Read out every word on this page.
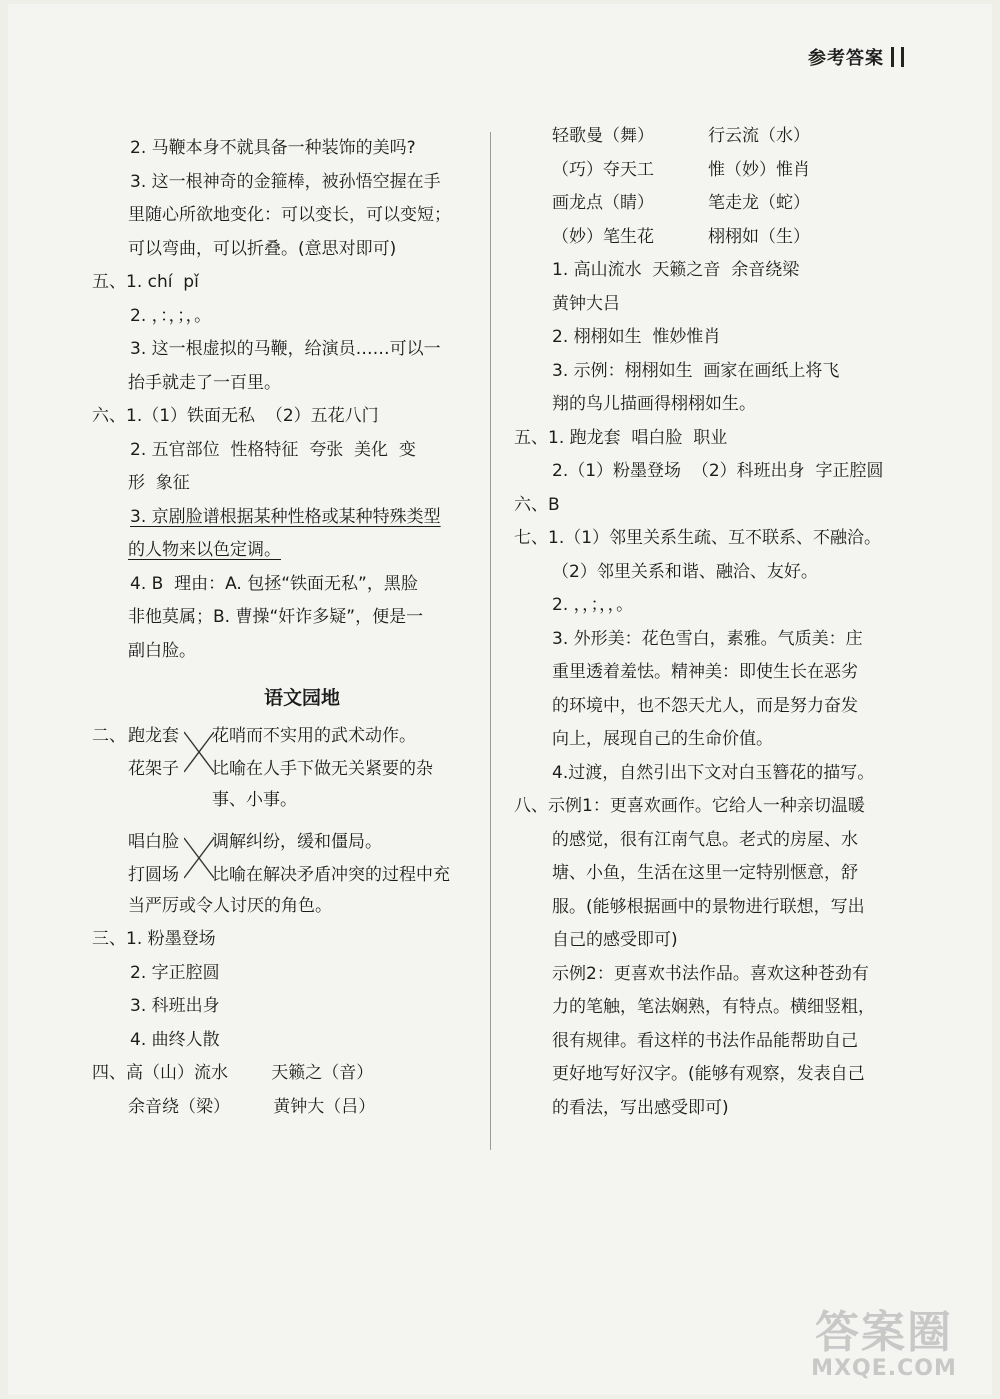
参考答案
2. 马鞭本身不就具备一种装饰的美吗?
3. 这一根神奇的金箍棒，被孙悟空握在手
里随心所欲地变化：可以变长，可以变短；
可以弯曲，可以折叠。(意思对即可)
五、1. chí  pǐ
2. ，：，；，。
3. 这一根虚拟的马鞭，给演员……可以一
抬手就走了一百里。
六、1.（1）铁面无私  （2）五花八门
2. 五官部位  性格特征  夸张  美化  变
形  象征
3. 京剧脸谱根据某种性格或某种特殊类型
的人物来以色定调。
4. B  理由：A. 包拯“铁面无私”，黑脸
非他莫属；B. 曹操“奸诈多疑”，便是一
副白脸。
语文园地
二、 跑龙套
花架子
花哨而不实用的武术动作。
比喻在人手下做无关紧要的杂
事、小事。
唱白脸
打圆场
调解纠纷，缓和僵局。
比喻在解决矛盾冲突的过程中充
当严厉或令人讨厌的角色。
三、1. 粉墨登场
2. 字正腔圆
3. 科班出身
4. 曲终人散
四、高（山）流水        天籁之（音）
余音绕（梁）        黄钟大（吕）
轻歌曼（舞）          行云流（水）
（巧）夺天工          惟（妙）惟肖
画龙点（睛）          笔走龙（蛇）
（妙）笔生花          栩栩如（生）
1. 高山流水  天籁之音  余音绕梁
黄钟大吕
2. 栩栩如生  惟妙惟肖
3. 示例：栩栩如生  画家在画纸上将飞
翔的鸟儿描画得栩栩如生。
五、1. 跑龙套  唱白脸  职业
2.（1）粉墨登场  （2）科班出身  字正腔圆
六、B
七、1.（1）邻里关系生疏、互不联系、不融洽。
（2）邻里关系和谐、融洽、友好。
2. ，，；，，。
3. 外形美：花色雪白，素雅。气质美：庄
重里透着羞怯。精神美：即使生长在恶劣
的环境中，也不怨天尤人，而是努力奋发
向上，展现自己的生命价值。
4.过渡，自然引出下文对白玉簪花的描写。
八、示例1：更喜欢画作。它给人一种亲切温暖
的感觉，很有江南气息。老式的房屋、水
塘、小鱼，生活在这里一定特别惬意，舒
服。(能够根据画中的景物进行联想，写出
自己的感受即可)
示例2：更喜欢书法作品。喜欢这种苍劲有
力的笔触，笔法娴熟，有特点。横细竖粗，
很有规律。看这样的书法作品能帮助自己
更好地写好汉字。(能够有观察，发表自己
的看法，写出感受即可)
答案圈
MXQE.COM
